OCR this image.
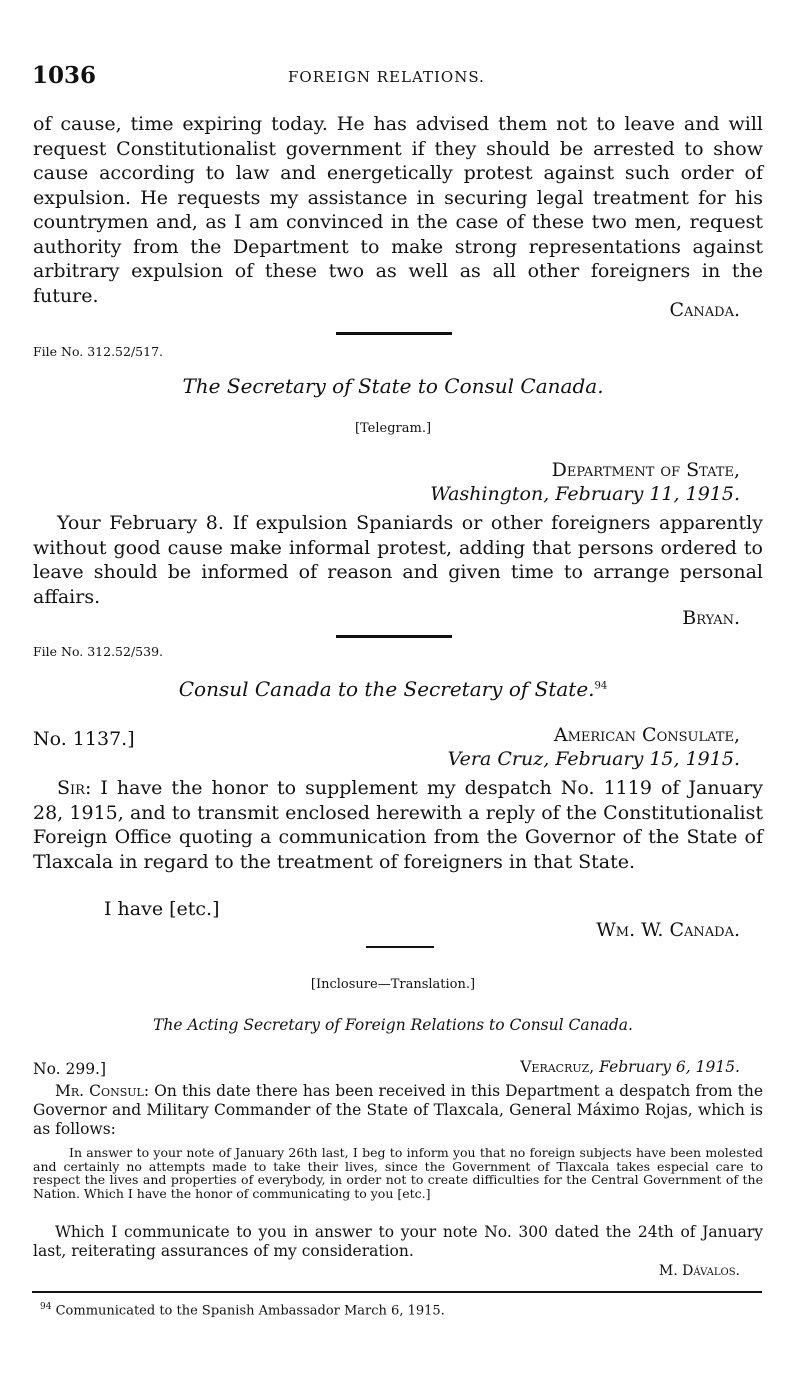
1036	FOREIGN RELATIONS.

of cause, time expiring today. He has advised them not to leave and will request Constitutionalist government if they should be arrested to show cause according to law and energetically protest against such order of expulsion. He requests my assistance in securing legal treatment for his countrymen and, as I am convinced in the case of these two men, request authority from the Department to make strong representations against arbitrary expulsion of these two as well as all other foreigners in the future.

Canada.
File No. 312.52/517.
The Secretary of State to Consul Canada.
[Telegram.]
Department of State,
Washington, February 11, 1915.

Your February 8. If expulsion Spaniards or other foreigners apparently without good cause make informal protest, adding that persons ordered to leave should be informed of reason and given time to arrange personal affairs.

Bryan.
File No. 312.52/539.
Consul Canada to the Secretary of State.$^{94}$
No. 1137.]	American Consulate,
Vera Cruz, February 15, 1915.

Sir: I have the honor to supplement my despatch No. 1119 of January 28, 1915, and to transmit enclosed herewith a reply of the Constitutionalist Foreign Office quoting a communication from the Governor of the State of Tlaxcala in regard to the treatment of foreigners in that State.

I have [etc.]
Wm. W. Canada.
[Inclosure—Translation.]
The Acting Secretary of Foreign Relations to Consul Canada.
No. 299.]	Veracruz, February 6, 1915.

Mr. Consul: On this date there has been received in this Department a despatch from the Governor and Military Commander of the State of Tlaxcala, General Máximo Rojas, which is as follows:

In answer to your note of January 26th last, I beg to inform you that no foreign subjects have been molested and certainly no attempts made to take their lives, since the Government of Tlaxcala takes especial care to respect the lives and properties of everybody, in order not to create difficulties for the Central Government of the Nation. Which I have the honor of communicating to you [etc.]

Which I communicate to you in answer to your note No. 300 dated the 24th of January last, reiterating assurances of my consideration.

M. Dávalos.
$^{94}$ Communicated to the Spanish Ambassador March 6, 1915.
